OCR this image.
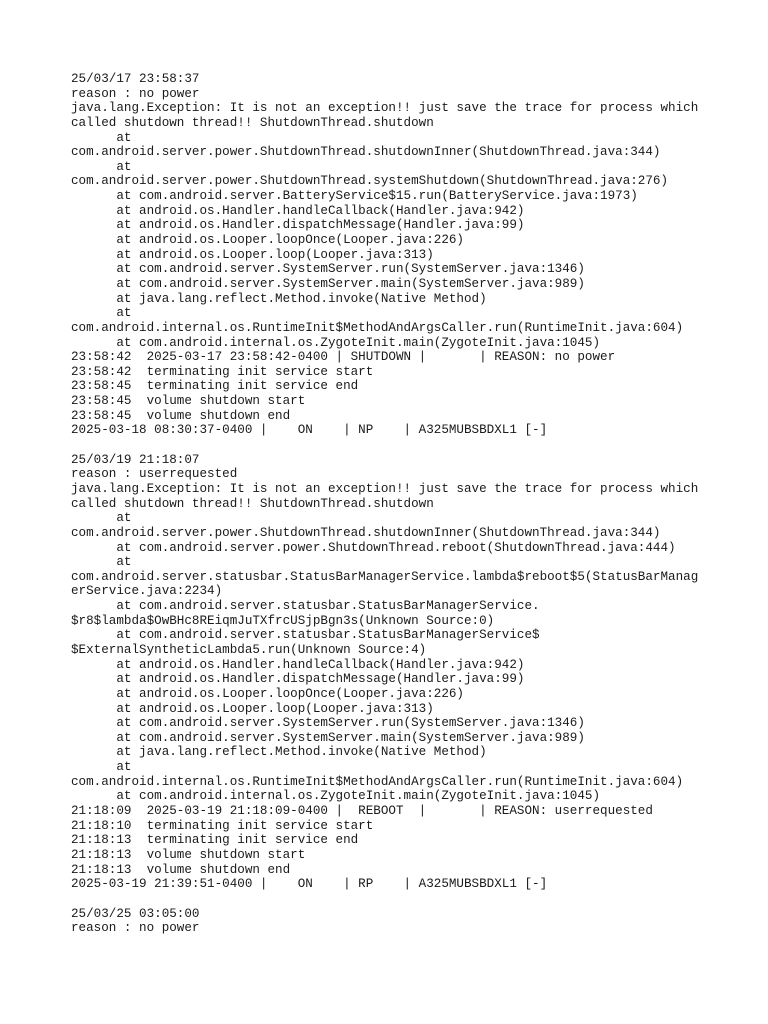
25/03/17 23:58:37
reason : no power
java.lang.Exception: It is not an exception!! just save the trace for process which
called shutdown thread!! ShutdownThread.shutdown
at
com.android.server.power.ShutdownThread.shutdownInner(ShutdownThread.java:344)
at
com.android.server.power.ShutdownThread.systemShutdown(ShutdownThread.java:276)
at com.android.server.BatteryService$15.run(BatteryService.java:1973)
at android.os.Handler.handleCallback(Handler.java:942)
at android.os.Handler.dispatchMessage(Handler.java:99)
at android.os.Looper.loopOnce(Looper.java:226)
at android.os.Looper.loop(Looper.java:313)
at com.android.server.SystemServer.run(SystemServer.java:1346)
at com.android.server.SystemServer.main(SystemServer.java:989)
at java.lang.reflect.Method.invoke(Native Method)
at
com.android.internal.os.RuntimeInit$MethodAndArgsCaller.run(RuntimeInit.java:604)
at com.android.internal.os.ZygoteInit.main(ZygoteInit.java:1045)
23:58:42  2025-03-17 23:58:42-0400 | SHUTDOWN |       | REASON: no power
23:58:42  terminating init service start
23:58:45  terminating init service end
23:58:45  volume shutdown start
23:58:45  volume shutdown end
2025-03-18 08:30:37-0400 |    ON    | NP    | A325MUBSBDXL1 [-]
25/03/19 21:18:07
reason : userrequested
java.lang.Exception: It is not an exception!! just save the trace for process which
called shutdown thread!! ShutdownThread.shutdown
at
com.android.server.power.ShutdownThread.shutdownInner(ShutdownThread.java:344)
at com.android.server.power.ShutdownThread.reboot(ShutdownThread.java:444)
at
com.android.server.statusbar.StatusBarManagerService.lambda$reboot$5(StatusBarManag
erService.java:2234)
at com.android.server.statusbar.StatusBarManagerService.
$r8$lambda$OwBHc8REiqmJuTXfrcUSjpBgn3s(Unknown Source:0)
at com.android.server.statusbar.StatusBarManagerService$
$ExternalSyntheticLambda5.run(Unknown Source:4)
at android.os.Handler.handleCallback(Handler.java:942)
at android.os.Handler.dispatchMessage(Handler.java:99)
at android.os.Looper.loopOnce(Looper.java:226)
at android.os.Looper.loop(Looper.java:313)
at com.android.server.SystemServer.run(SystemServer.java:1346)
at com.android.server.SystemServer.main(SystemServer.java:989)
at java.lang.reflect.Method.invoke(Native Method)
at
com.android.internal.os.RuntimeInit$MethodAndArgsCaller.run(RuntimeInit.java:604)
at com.android.internal.os.ZygoteInit.main(ZygoteInit.java:1045)
21:18:09  2025-03-19 21:18:09-0400 |  REBOOT  |       | REASON: userrequested
21:18:10  terminating init service start
21:18:13  terminating init service end
21:18:13  volume shutdown start
21:18:13  volume shutdown end
2025-03-19 21:39:51-0400 |    ON    | RP    | A325MUBSBDXL1 [-]
25/03/25 03:05:00
reason : no power
